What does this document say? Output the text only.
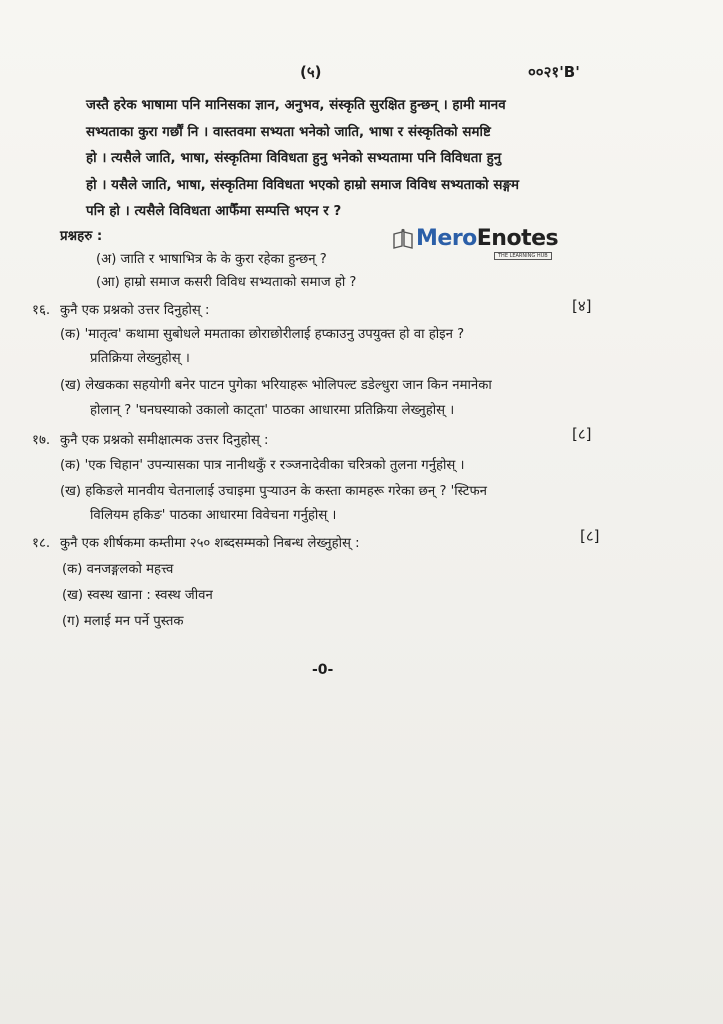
(५)	००२१'B'
जस्तै हरेक भाषामा पनि मानिसका ज्ञान, अनुभव, संस्कृति सुरक्षित हुन्छन् । हामी मानव
सभ्यताका कुरा गर्छौं नि । वास्तवमा सभ्यता भनेको जाति, भाषा र संस्कृतिको समष्टि
हो । त्यसैले जाति, भाषा, संस्कृतिमा विविधता हुनु भनेको सभ्यतामा पनि विविधता हुनु
हो । यसैले जाति, भाषा, संस्कृतिमा विविधता भएको हाम्रो समाज विविध सभ्यताको सङ्गम
पनि हो । त्यसैले विविधता आफैँमा सम्पत्ति भएन र ?
प्रश्नहरु :
(अ) जाति र भाषाभित्र के के कुरा रहेका हुन्छन् ?
(आ) हाम्रो समाज कसरी विविध सभ्यताको समाज हो ?
MeroEnotes
THE LEARNING HUB
१६. कुनै एक प्रश्नको उत्तर दिनुहोस् :	[४]
(क) 'मातृत्व' कथामा सुबोधले ममताका छोराछोरीलाई हप्काउनु उपयुक्त हो वा होइन ?
प्रतिक्रिया लेख्नुहोस् ।
(ख) लेखकका सहयोगी बनेर पाटन पुगेका भरियाहरू भोलिपल्ट डडेल्धुरा जान किन नमानेका
होलान् ? 'घनघस्याको उकालो काट्ता' पाठका आधारमा प्रतिक्रिया लेख्नुहोस् ।
१७. कुनै एक प्रश्नको समीक्षात्मक उत्तर दिनुहोस् :	[८]
(क) 'एक चिहान' उपन्यासका पात्र नानीथकुँ र रञ्जनादेवीका चरित्रको तुलना गर्नुहोस् ।
(ख) हकिङले मानवीय चेतनालाई उचाइमा पुऱ्याउन के कस्ता कामहरू गरेका छन् ? 'स्टिफन
विलियम हकिङ' पाठका आधारमा विवेचना गर्नुहोस् ।
१८. कुनै एक शीर्षकमा कम्तीमा २५० शब्दसम्मको निबन्ध लेख्नुहोस् :	[८]
(क) वनजङ्गलको महत्त्व
(ख) स्वस्थ खाना : स्वस्थ जीवन
(ग) मलाई मन पर्ने पुस्तक
-0-
